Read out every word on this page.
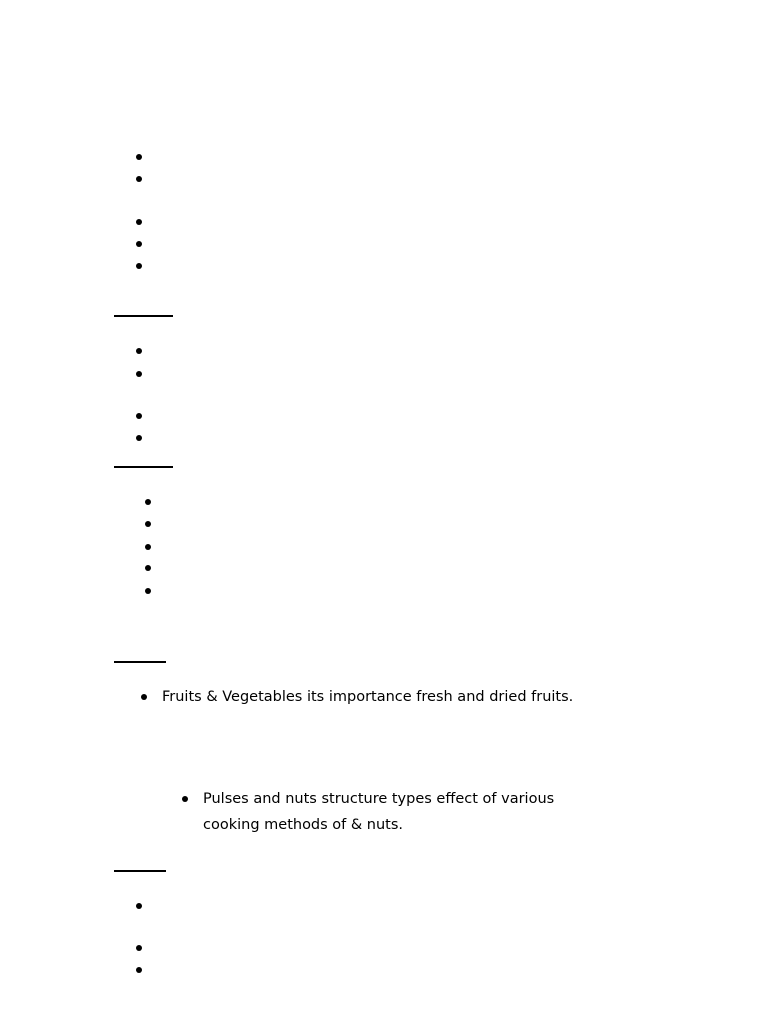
Fruits & Vegetables its importance fresh and dried fruits.
Pulses and nuts structure types effect of various cooking methods of & nuts.
